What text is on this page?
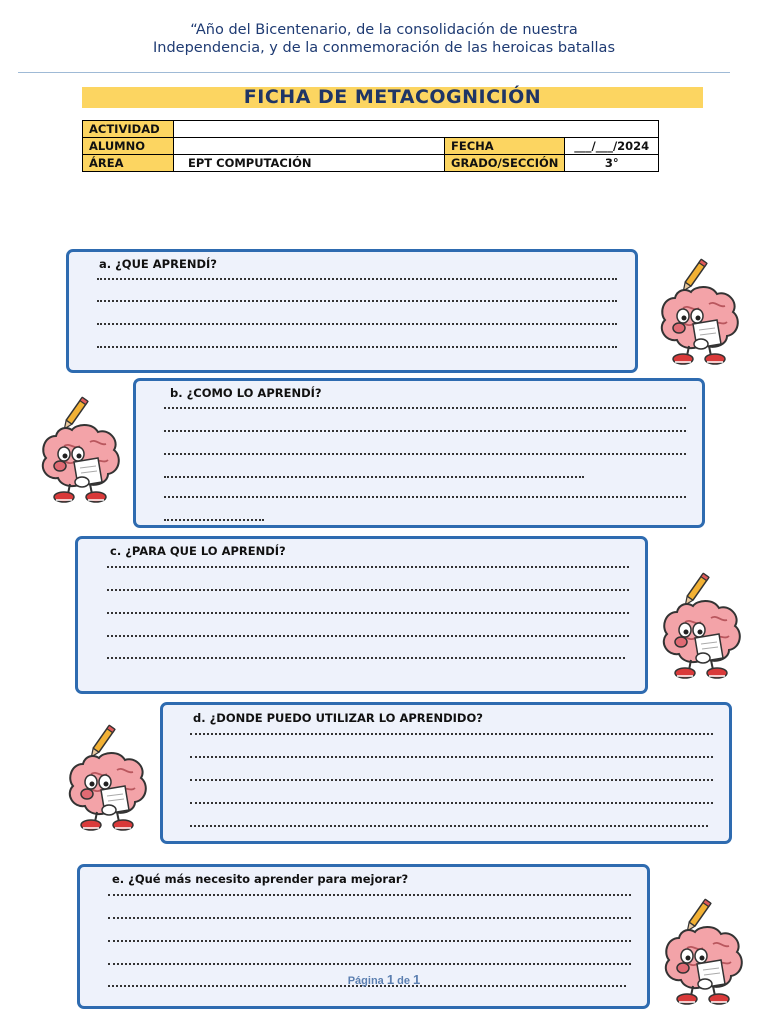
“Año del Bicentenario, de la consolidación de nuestra
Independencia, y de la conmemoración de las heroicas batallas
FICHA DE METACOGNICIÓN
ACTIVIDAD			
ALUMNO		FECHA	___/___/2024
ÁREA	EPT COMPUTACIÓN	GRADO/SECCIÓN	3°
a. ¿QUE APRENDÍ?
b. ¿COMO LO APRENDÍ?
c. ¿PARA QUE LO APRENDÍ?
d. ¿DONDE PUEDO UTILIZAR LO APRENDIDO?
e. ¿Qué más necesito aprender para mejorar?
Página 1 de 1
